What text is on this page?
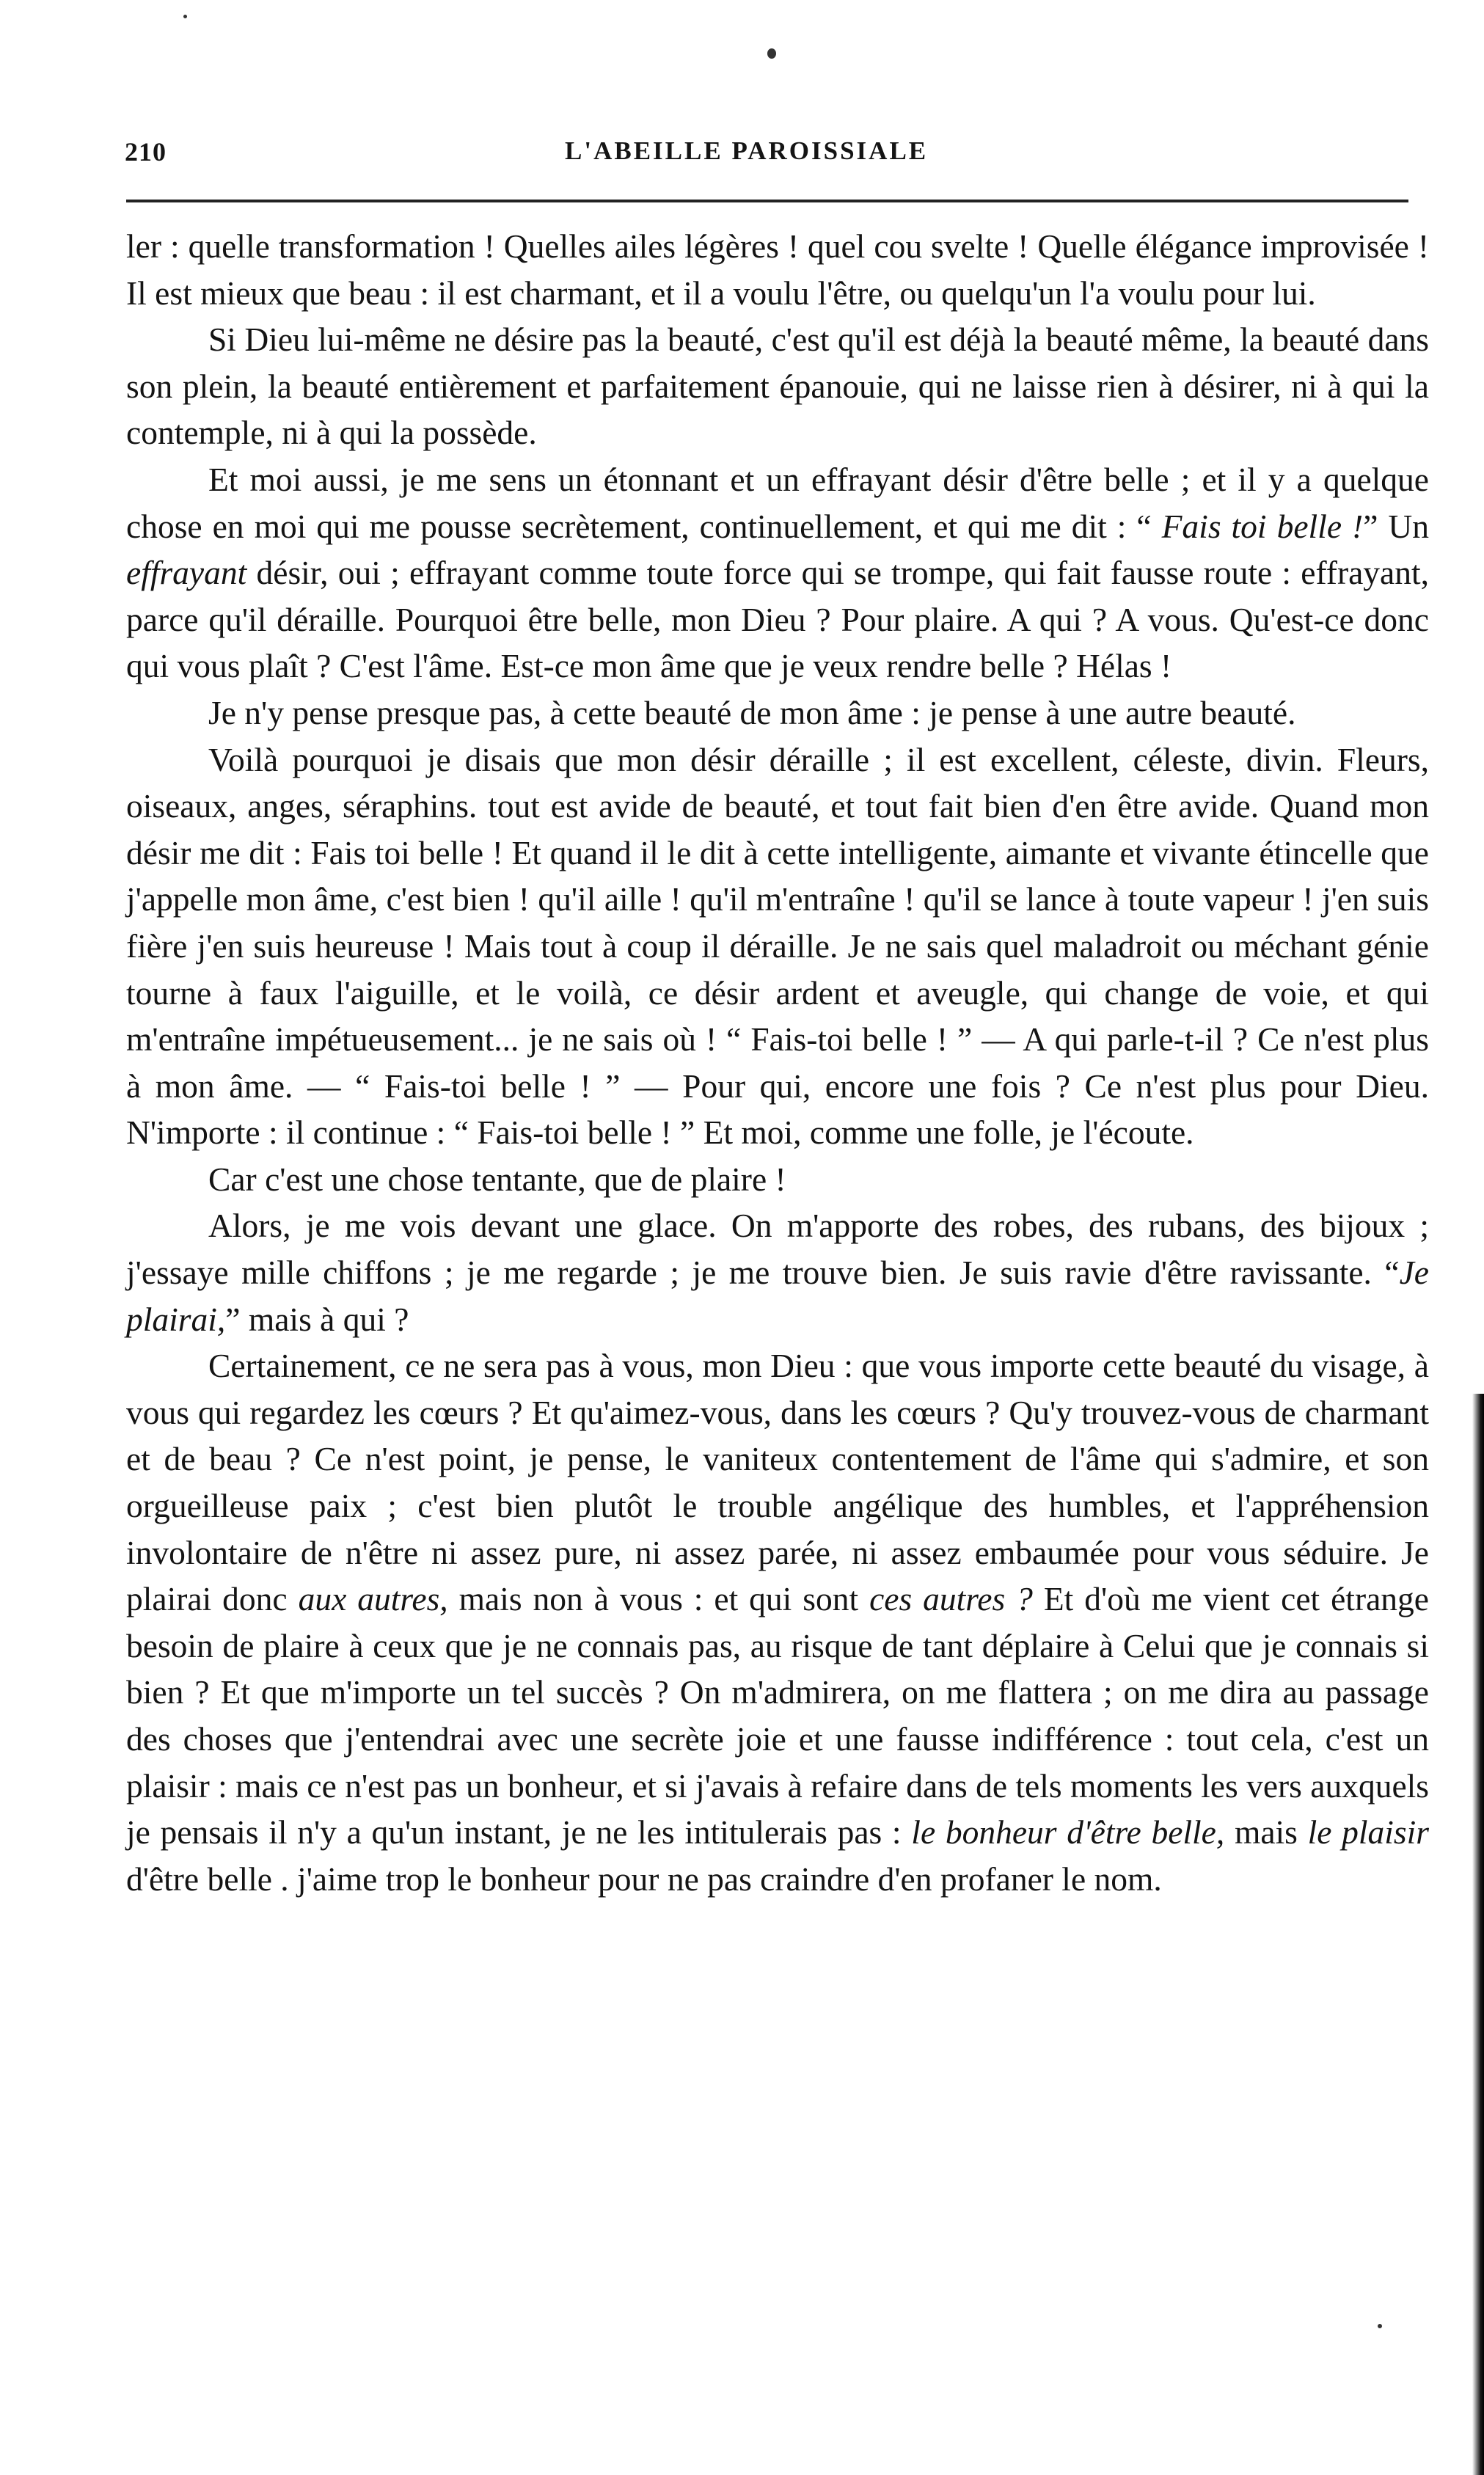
210	L'ABEILLE PAROISSIALE

ler : quelle transformation ! Quelles ailes légères ! quel cou svelte ! Quelle élégance improvisée ! Il est mieux que beau : il est charmant, et il a voulu l'être, ou quelqu'un l'a voulu pour lui.

Si Dieu lui-même ne désire pas la beauté, c'est qu'il est déjà la beauté même, la beauté dans son plein, la beauté entièrement et parfaitement épanouie, qui ne laisse rien à désirer, ni à qui la contemple, ni à qui la possède.

Et moi aussi, je me sens un étonnant et un effrayant désir d'être belle ; et il y a quelque chose en moi qui me pousse secrètement, continuellement, et qui me dit : “ Fais toi belle !” Un effrayant désir, oui ; effrayant comme toute force qui se trompe, qui fait fausse route : effrayant, parce qu'il déraille. Pourquoi être belle, mon Dieu ? Pour plaire. A qui ? A vous. Qu'est-ce donc qui vous plaît ? C'est l'âme. Est-ce mon âme que je veux rendre belle ? Hélas !

Je n'y pense presque pas, à cette beauté de mon âme : je pense à une autre beauté.

Voilà pourquoi je disais que mon désir déraille ; il est excellent, céleste, divin. Fleurs, oiseaux, anges, séraphins. tout est avide de beauté, et tout fait bien d'en être avide. Quand mon désir me dit : Fais toi belle ! Et quand il le dit à cette intelligente, aimante et vivante étincelle que j'appelle mon âme, c'est bien ! qu'il aille ! qu'il m'entraîne ! qu'il se lance à toute vapeur ! j'en suis fière j'en suis heureuse ! Mais tout à coup il déraille. Je ne sais quel maladroit ou méchant génie tourne à faux l'aiguille, et le voilà, ce désir ardent et aveugle, qui change de voie, et qui m'entraîne impétueusement... je ne sais où ! “ Fais-toi belle ! ” — A qui parle-t-il ? Ce n'est plus à mon âme. — “ Fais-toi belle ! ” — Pour qui, encore une fois ? Ce n'est plus pour Dieu. N'importe : il continue : “ Fais-toi belle ! ” Et moi, comme une folle, je l'écoute.

Car c'est une chose tentante, que de plaire !

Alors, je me vois devant une glace. On m'apporte des robes, des rubans, des bijoux ; j'essaye mille chiffons ; je me regarde ; je me trouve bien. Je suis ravie d'être ravissante. “Je plairai,” mais à qui ?

Certainement, ce ne sera pas à vous, mon Dieu : que vous importe cette beauté du visage, à vous qui regardez les cœurs ? Et qu'aimez-vous, dans les cœurs ? Qu'y trouvez-vous de charmant et de beau ? Ce n'est point, je pense, le vaniteux contentement de l'âme qui s'admire, et son orgueilleuse paix ; c'est bien plutôt le trouble angélique des humbles, et l'appréhension involontaire de n'être ni assez pure, ni assez parée, ni assez embaumée pour vous séduire. Je plairai donc aux autres, mais non à vous : et qui sont ces autres ? Et d'où me vient cet étrange besoin de plaire à ceux que je ne connais pas, au risque de tant déplaire à Celui que je connais si bien ? Et que m'importe un tel succès ? On m'admirera, on me flattera ; on me dira au passage des choses que j'entendrai avec une secrète joie et une fausse indifférence : tout cela, c'est un plaisir : mais ce n'est pas un bonheur, et si j'avais à refaire dans de tels moments les vers auxquels je pensais il n'y a qu'un instant, je ne les intitulerais pas : le bonheur d'être belle, mais le plaisir d'être belle . j'aime trop le bonheur pour ne pas craindre d'en profaner le nom.
